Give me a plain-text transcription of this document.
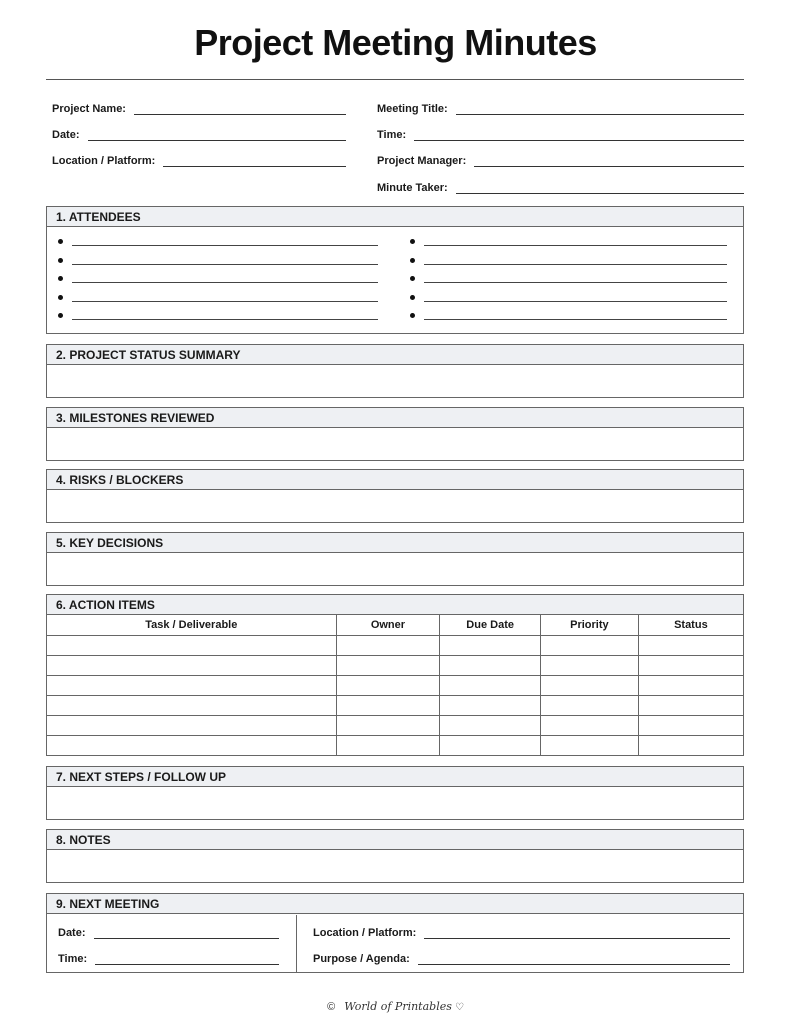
Project Meeting Minutes
Project Name:
Date:
Location / Platform:
Meeting Title:
Time:
Project Manager:
Minute Taker:
1. ATTENDEES
2. PROJECT STATUS SUMMARY
3. MILESTONES REVIEWED
4. RISKS / BLOCKERS
5. KEY DECISIONS
6. ACTION ITEMS
Task / Deliverable	Owner	Due Date	Priority	Status

7. NEXT STEPS / FOLLOW UP
8. NOTES
9. NEXT MEETING
Date:
Time:
Location / Platform:
Purpose / Agenda:
© World of Printables ♡
